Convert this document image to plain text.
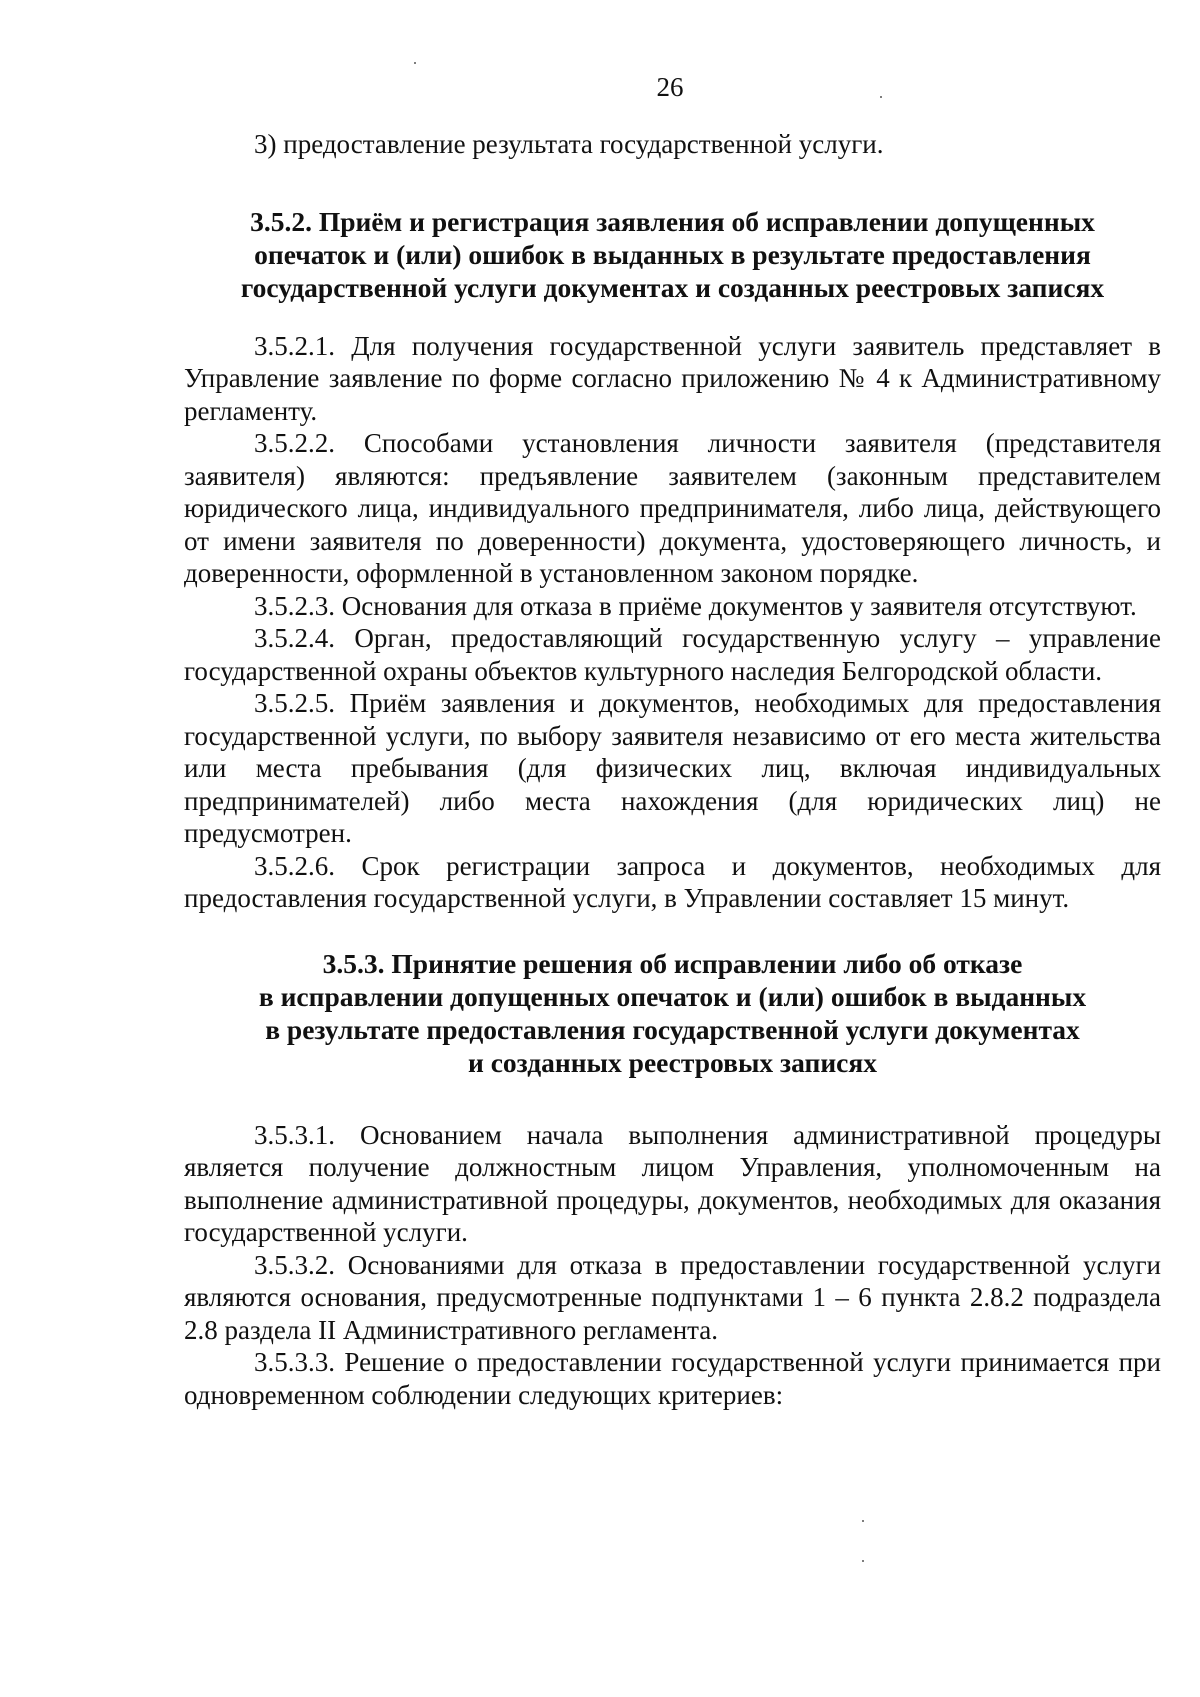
26

3) предоставление результата государственной услуги.

3.5.2. Приём и регистрация заявления об исправлении допущенных
опечаток и (или) ошибок в выданных в результате предоставления
государственной услуги документах и созданных реестровых записях

3.5.2.1. Для получения государственной услуги заявитель представляет в Управление заявление по форме согласно приложению № 4 к Административному регламенту.

3.5.2.2. Способами установления личности заявителя (представителя заявителя) являются: предъявление заявителем (законным представителем юридического лица, индивидуального предпринимателя, либо лица, действующего от имени заявителя по доверенности) документа, удостоверяющего личность, и доверенности, оформленной в установленном законом порядке.

3.5.2.3. Основания для отказа в приёме документов у заявителя отсутствуют.

3.5.2.4. Орган, предоставляющий государственную услугу – управление государственной охраны объектов культурного наследия Белгородской области.

3.5.2.5. Приём заявления и документов, необходимых для предоставления государственной услуги, по выбору заявителя независимо от его места жительства или места пребывания (для физических лиц, включая индивидуальных предпринимателей) либо места нахождения (для юридических лиц) не предусмотрен.

3.5.2.6. Срок регистрации запроса и документов, необходимых для предоставления государственной услуги, в Управлении составляет 15 минут.

3.5.3. Принятие решения об исправлении либо об отказе
в исправлении допущенных опечаток и (или) ошибок в выданных
в результате предоставления государственной услуги документах
и созданных реестровых записях

3.5.3.1. Основанием начала выполнения административной процедуры является получение должностным лицом Управления, уполномоченным на выполнение административной процедуры, документов, необходимых для оказания государственной услуги.

3.5.3.2. Основаниями для отказа в предоставлении государственной услуги являются основания, предусмотренные подпунктами 1 – 6 пункта 2.8.2 подраздела 2.8 раздела II Административного регламента.

3.5.3.3. Решение о предоставлении государственной услуги принимается при одновременном соблюдении следующих критериев:
